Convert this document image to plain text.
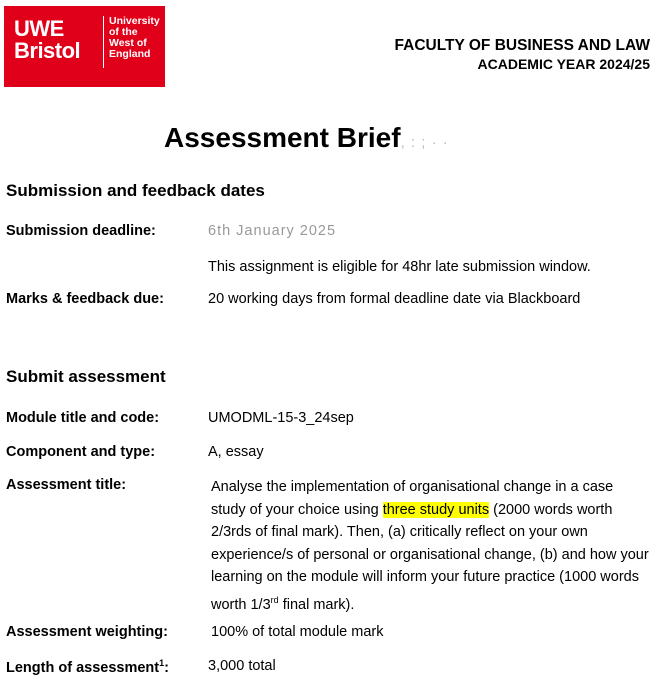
UWE
Bristol
University
of the
West of
England	FACULTY OF BUSINESS AND LAW
ACADEMIC YEAR 2024/25
Assessment Brief, : ; · ·
Submission and feedback dates
Submission deadline:	6th January 2025
This assignment is eligible for 48hr late submission window.
Marks & feedback due:	20 working days from formal deadline date via Blackboard
Submit assessment
Module title and code:	UMODML-15-3_24sep
Component and type:	A, essay
Assessment title:	Analyse the implementation of organisational change in a case study of your choice using three study units (2000 words worth 2/3rds of final mark). Then, (a) critically reflect on your own experience/s of personal or organisational change, (b) and how your learning on the module will inform your future practice (1000 words worth 1/3rd final mark).
Assessment weighting:	100% of total module mark
Length of assessment$^1$:	3,000 total
